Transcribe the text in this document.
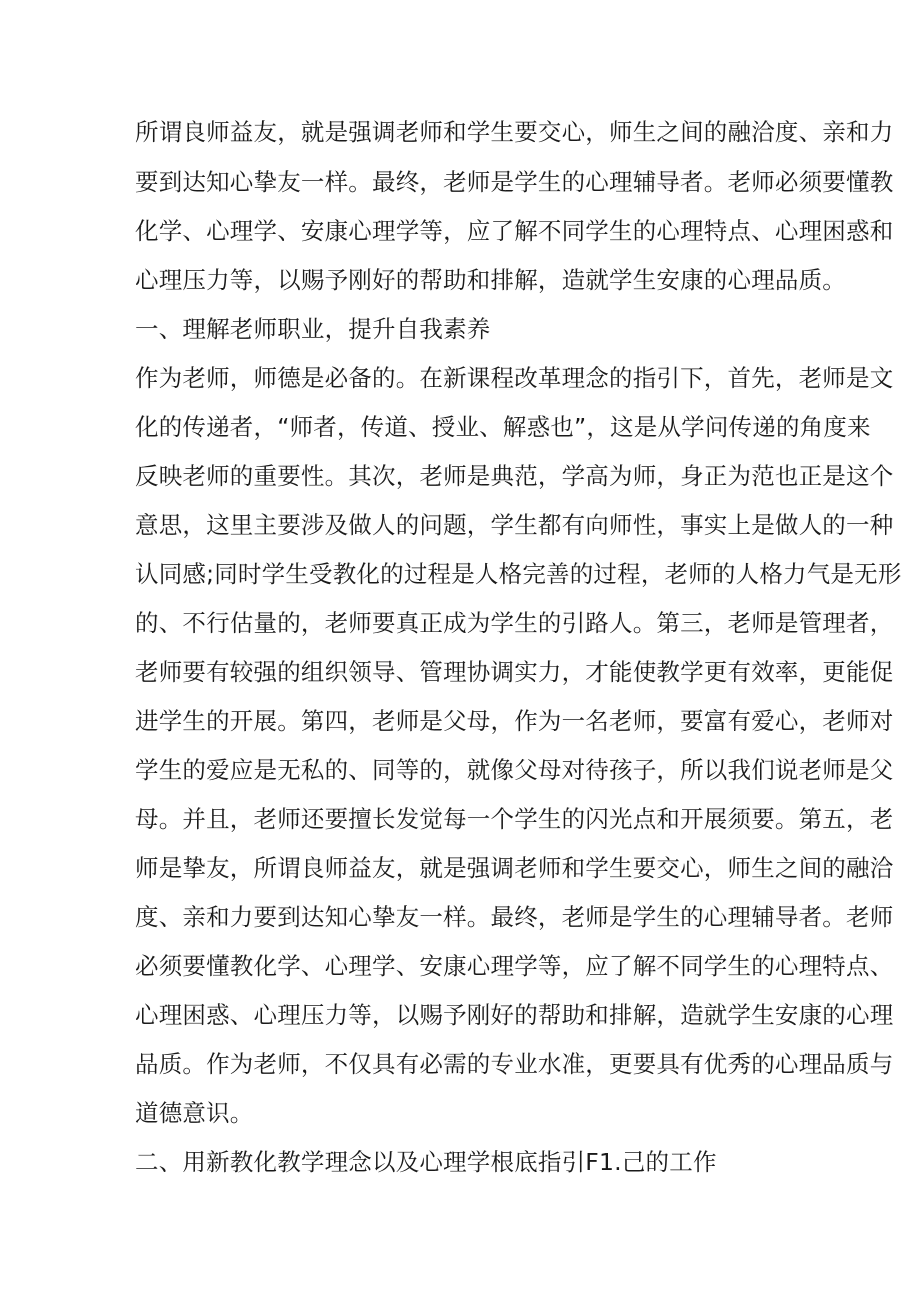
所谓良师益友，就是强调老师和学生要交心，师生之间的融洽度、亲和力
要到达知心挚友一样。最终，老师是学生的心理辅导者。老师必须要懂教
化学、心理学、安康心理学等，应了解不同学生的心理特点、心理困惑和
心理压力等，以赐予刚好的帮助和排解，造就学生安康的心理品质。
一、理解老师职业，提升自我素养
作为老师，师德是必备的。在新课程改革理念的指引下，首先，老师是文
化的传递者，“师者，传道、授业、解惑也”，这是从学问传递的角度来
反映老师的重要性。其次，老师是典范，学高为师，身正为范也正是这个
意思，这里主要涉及做人的问题，学生都有向师性，事实上是做人的一种
认同感;同时学生受教化的过程是人格完善的过程，老师的人格力气是无形
的、不行估量的，老师要真正成为学生的引路人。第三，老师是管理者，
老师要有较强的组织领导、管理协调实力，才能使教学更有效率，更能促
进学生的开展。第四，老师是父母，作为一名老师，要富有爱心，老师对
学生的爱应是无私的、同等的，就像父母对待孩子，所以我们说老师是父
母。并且，老师还要擅长发觉每一个学生的闪光点和开展须要。第五，老
师是挚友，所谓良师益友，就是强调老师和学生要交心，师生之间的融洽
度、亲和力要到达知心挚友一样。最终，老师是学生的心理辅导者。老师
必须要懂教化学、心理学、安康心理学等，应了解不同学生的心理特点、
心理困惑、心理压力等，以赐予刚好的帮助和排解，造就学生安康的心理
品质。作为老师，不仅具有必需的专业水准，更要具有优秀的心理品质与
道德意识。
二、用新教化教学理念以及心理学根底指引F1.己的工作
